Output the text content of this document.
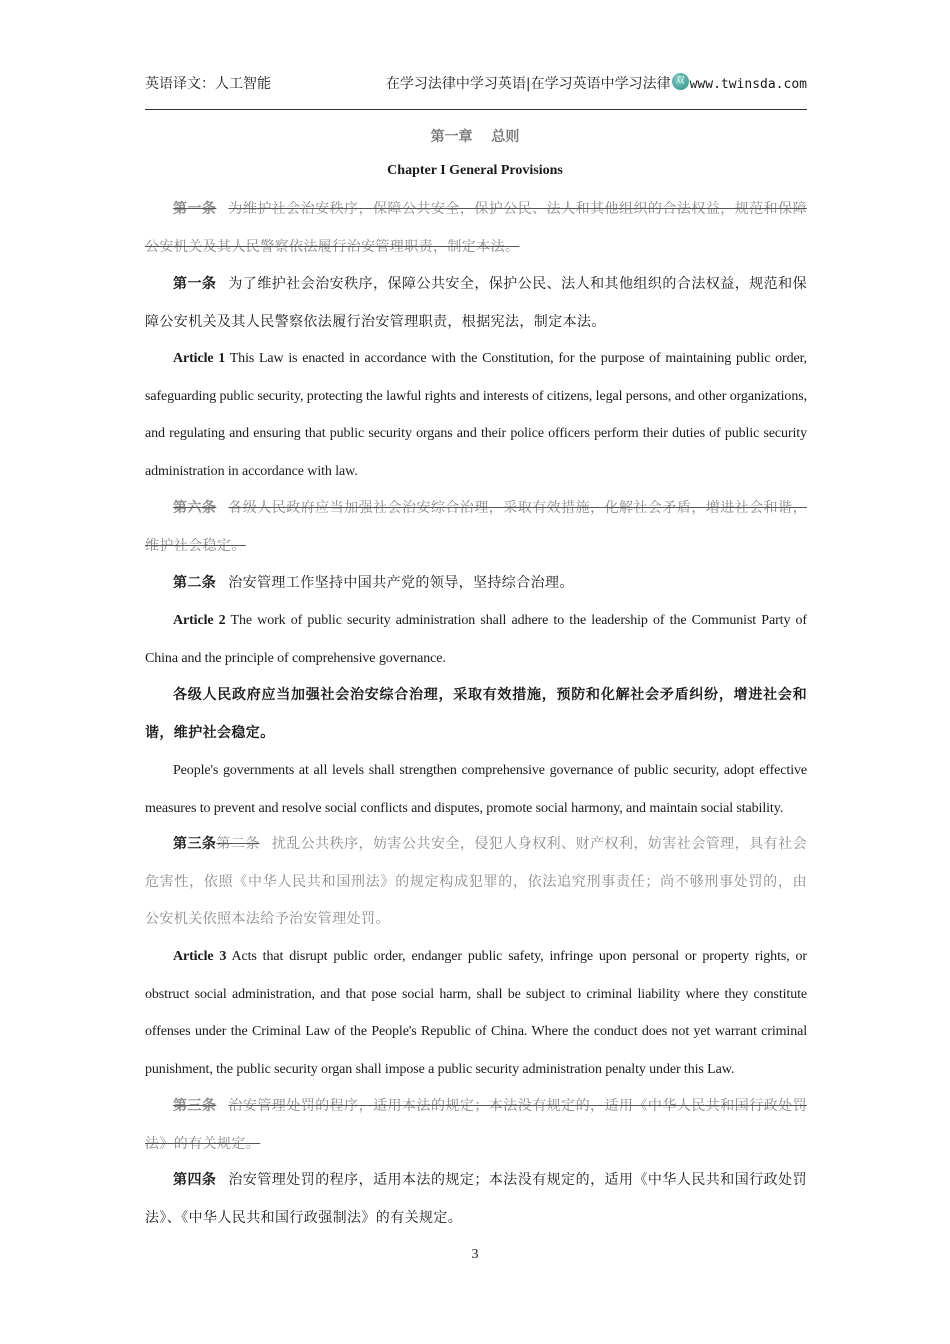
英语译文：人工智能	在学习法律中学习英语|在学习英语中学习法律 双 www.twinsda.com
第一章　 总则
Chapter I General Provisions

第一条 为维护社会治安秩序，保障公共安全，保护公民、法人和其他组织的合法权益，规范和保障公安机关及其人民警察依法履行治安管理职责，制定本法。

第一条 为了维护社会治安秩序，保障公共安全，保护公民、法人和其他组织的合法权益，规范和保障公安机关及其人民警察依法履行治安管理职责，根据宪法，制定本法。

Article 1 This Law is enacted in accordance with the Constitution, for the purpose of maintaining public order, safeguarding public security, protecting the lawful rights and interests of citizens, legal persons, and other organizations, and regulating and ensuring that public security organs and their police officers perform their duties of public security administration in accordance with law.

第六条 各级人民政府应当加强社会治安综合治理，采取有效措施，化解社会矛盾，增进社会和谐，维护社会稳定。

第二条 治安管理工作坚持中国共产党的领导，坚持综合治理。

Article 2 The work of public security administration shall adhere to the leadership of the Communist Party of China and the principle of comprehensive governance.

各级人民政府应当加强社会治安综合治理，采取有效措施，预防和化解社会矛盾纠纷，增进社会和谐，维护社会稳定。

People's governments at all levels shall strengthen comprehensive governance of public security, adopt effective measures to prevent and resolve social conflicts and disputes, promote social harmony, and maintain social stability.

第三条第二条 扰乱公共秩序，妨害公共安全，侵犯人身权利、财产权利，妨害社会管理，具有社会危害性，依照《中华人民共和国刑法》的规定构成犯罪的，依法追究刑事责任；尚不够刑事处罚的，由公安机关依照本法给予治安管理处罚。

Article 3 Acts that disrupt public order, endanger public safety, infringe upon personal or property rights, or obstruct social administration, and that pose social harm, shall be subject to criminal liability where they constitute offenses under the Criminal Law of the People's Republic of China. Where the conduct does not yet warrant criminal punishment, the public security organ shall impose a public security administration penalty under this Law.

第三条 治安管理处罚的程序，适用本法的规定；本法没有规定的，适用《中华人民共和国行政处罚法》的有关规定。

第四条 治安管理处罚的程序，适用本法的规定；本法没有规定的，适用《中华人民共和国行政处罚法》、《中华人民共和国行政强制法》的有关规定。

3
